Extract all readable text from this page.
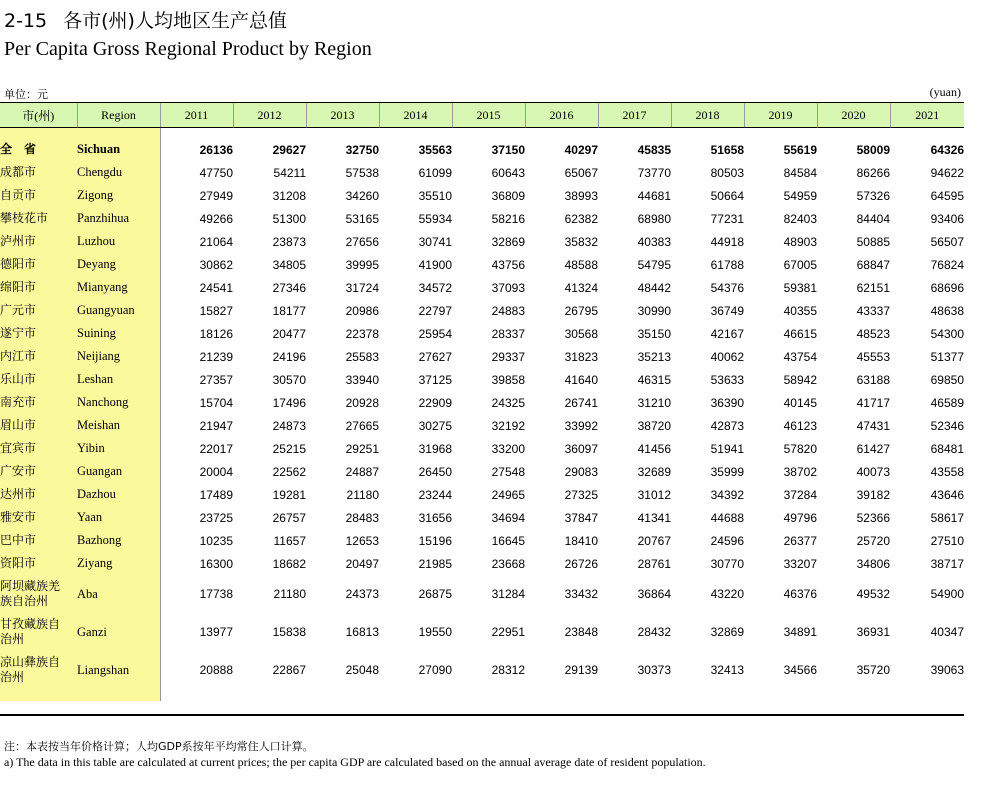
2-15 各市(州)人均地区生产总值
Per Capita Gross Regional Product by Region
单位：元	(yuan)
市(州)	Region	2011	2012	2013	2014	2015	2016	2017	2018	2019	2020	2021

全　省	Sichuan	26136	29627	32750	35563	37150	40297	45835	51658	55619	58009	64326
成都市	Chengdu	47750	54211	57538	61099	60643	65067	73770	80503	84584	86266	94622
自贡市	Zigong	27949	31208	34260	35510	36809	38993	44681	50664	54959	57326	64595
攀枝花市	Panzhihua	49266	51300	53165	55934	58216	62382	68980	77231	82403	84404	93406
泸州市	Luzhou	21064	23873	27656	30741	32869	35832	40383	44918	48903	50885	56507
德阳市	Deyang	30862	34805	39995	41900	43756	48588	54795	61788	67005	68847	76824
绵阳市	Mianyang	24541	27346	31724	34572	37093	41324	48442	54376	59381	62151	68696
广元市	Guangyuan	15827	18177	20986	22797	24883	26795	30990	36749	40355	43337	48638
遂宁市	Suining	18126	20477	22378	25954	28337	30568	35150	42167	46615	48523	54300
内江市	Neijiang	21239	24196	25583	27627	29337	31823	35213	40062	43754	45553	51377
乐山市	Leshan	27357	30570	33940	37125	39858	41640	46315	53633	58942	63188	69850
南充市	Nanchong	15704	17496	20928	22909	24325	26741	31210	36390	40145	41717	46589
眉山市	Meishan	21947	24873	27665	30275	32192	33992	38720	42873	46123	47431	52346
宜宾市	Yibin	22017	25215	29251	31968	33200	36097	41456	51941	57820	61427	68481
广安市	Guangan	20004	22562	24887	26450	27548	29083	32689	35999	38702	40073	43558
达州市	Dazhou	17489	19281	21180	23244	24965	27325	31012	34392	37284	39182	43646
雅安市	Yaan	23725	26757	28483	31656	34694	37847	41341	44688	49796	52366	58617
巴中市	Bazhong	10235	11657	12653	15196	16645	18410	20767	24596	26377	25720	27510
资阳市	Ziyang	16300	18682	20497	21985	23668	26726	28761	30770	33207	34806	38717
阿坝藏族羌族自治州	Aba	17738	21180	24373	26875	31284	33432	36864	43220	46376	49532	54900
甘孜藏族自治州	Ganzi	13977	15838	16813	19550	22951	23848	28432	32869	34891	36931	40347
凉山彝族自治州	Liangshan	20888	22867	25048	27090	28312	29139	30373	32413	34566	35720	39063

注：本表按当年价格计算；人均GDP系按年平均常住人口计算。
a) The data in this table are calculated at current prices; the per capita GDP are calculated based on the annual average date of resident population.
